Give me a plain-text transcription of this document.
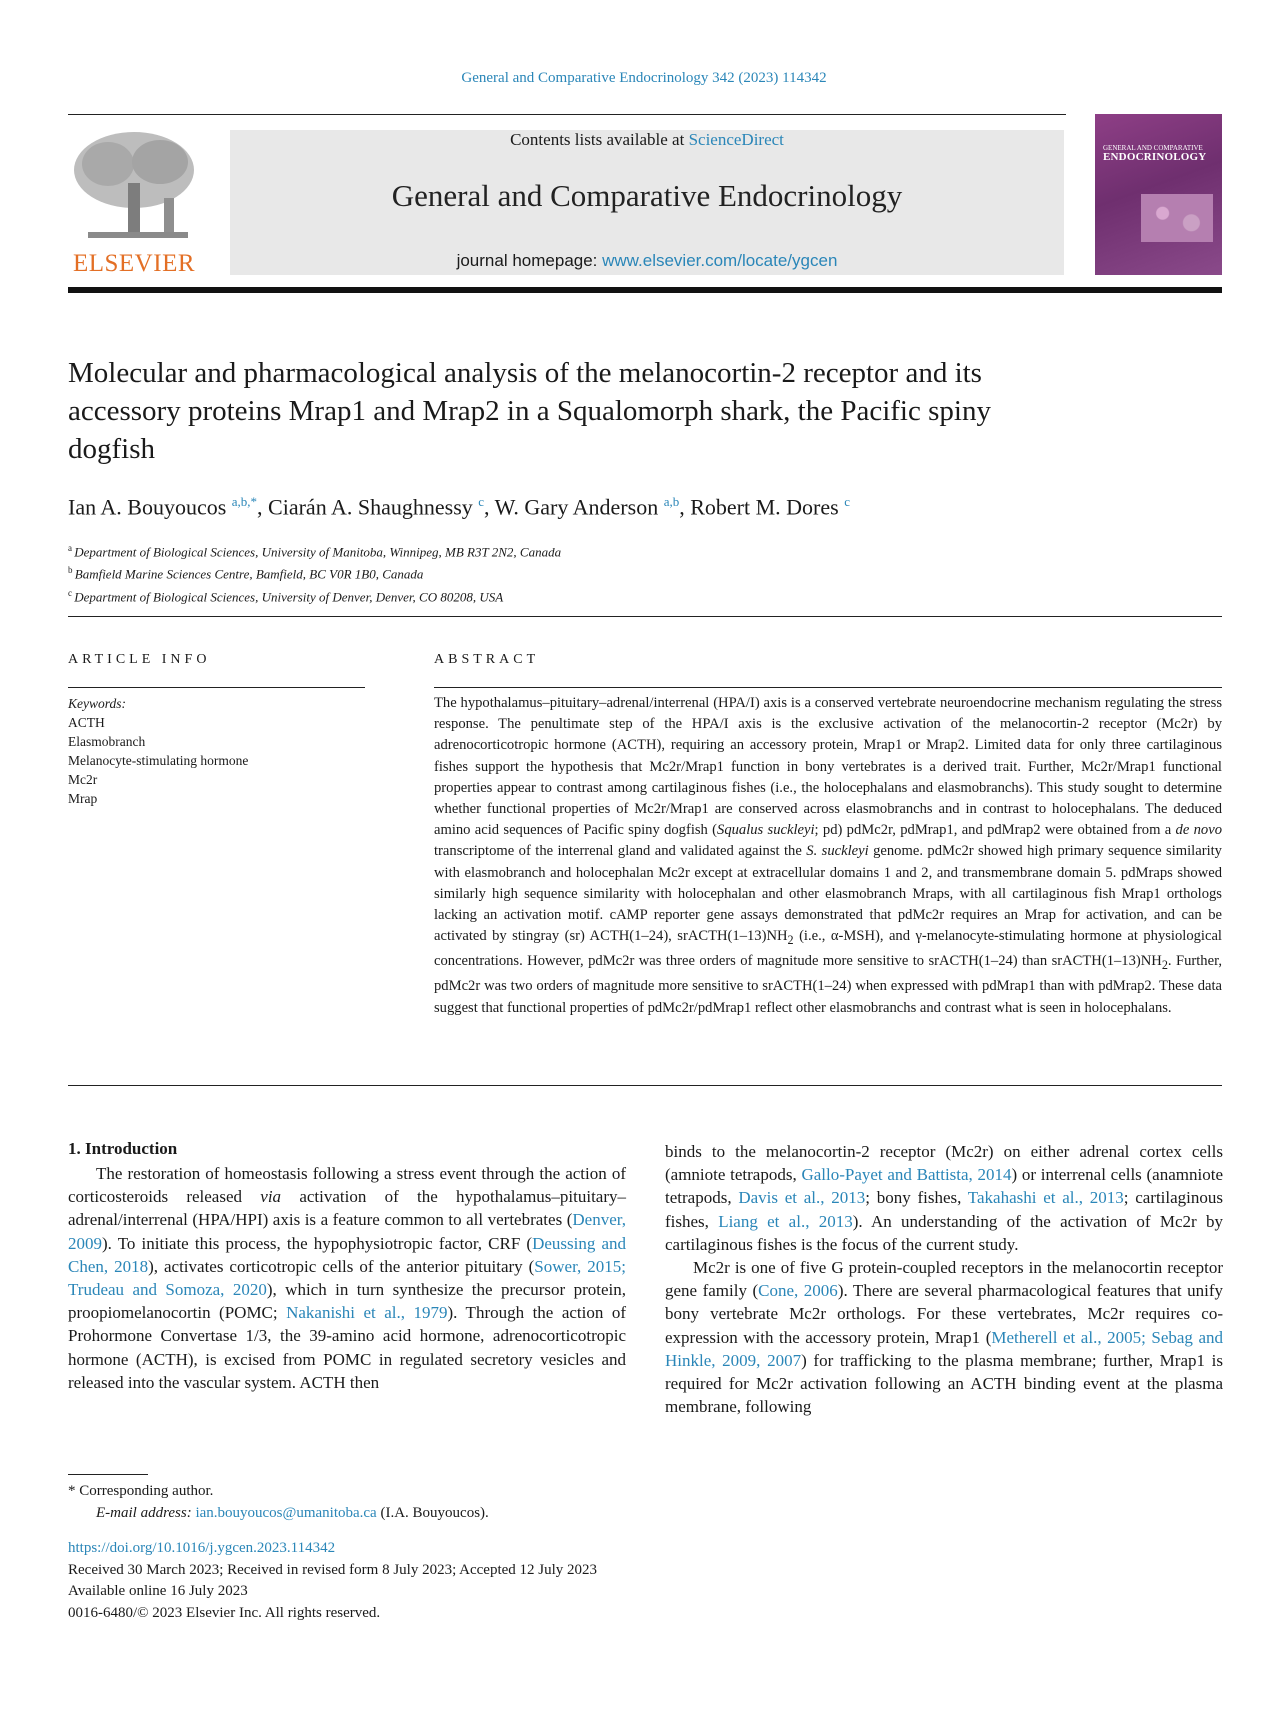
General and Comparative Endocrinology 342 (2023) 114342
ELSEVIER
Contents lists available at ScienceDirect
General and Comparative Endocrinology
journal homepage: www.elsevier.com/locate/ygcen
GENERAL AND COMPARATIVE
ENDOCRINOLOGY
Molecular and pharmacological analysis of the melanocortin-2 receptor and its accessory proteins Mrap1 and Mrap2 in a Squalomorph shark, the Pacific spiny dogfish
Ian A. Bouyoucos $^{a,b,*}$, Ciarán A. Shaughnessy $^c$, W. Gary Anderson $^{a,b}$, Robert M. Dores $^c$
$^a$ Department of Biological Sciences, University of Manitoba, Winnipeg, MB R3T 2N2, Canada
$^b$ Bamfield Marine Sciences Centre, Bamfield, BC V0R 1B0, Canada
$^c$ Department of Biological Sciences, University of Denver, Denver, CO 80208, USA
ARTICLE INFO	ABSTRACT
Keywords:
ACTH
Elasmobranch
Melanocyte-stimulating hormone
Mc2r
Mrap
The hypothalamus–pituitary–adrenal/interrenal (HPA/I) axis is a conserved vertebrate neuroendocrine mechanism regulating the stress response. The penultimate step of the HPA/I axis is the exclusive activation of the melanocortin-2 receptor (Mc2r) by adrenocorticotropic hormone (ACTH), requiring an accessory protein, Mrap1 or Mrap2. Limited data for only three cartilaginous fishes support the hypothesis that Mc2r/Mrap1 function in bony vertebrates is a derived trait. Further, Mc2r/Mrap1 functional properties appear to contrast among cartilaginous fishes (i.e., the holocephalans and elasmobranchs). This study sought to determine whether functional properties of Mc2r/Mrap1 are conserved across elasmobranchs and in contrast to holocephalans. The deduced amino acid sequences of Pacific spiny dogfish (Squalus suckleyi; pd) pdMc2r, pdMrap1, and pdMrap2 were obtained from a de novo transcriptome of the interrenal gland and validated against the S. suckleyi genome. pdMc2r showed high primary sequence similarity with elasmobranch and holocephalan Mc2r except at extracellular domains 1 and 2, and transmembrane domain 5. pdMraps showed similarly high sequence similarity with holocephalan and other elasmobranch Mraps, with all cartilaginous fish Mrap1 orthologs lacking an activation motif. cAMP reporter gene assays demonstrated that pdMc2r requires an Mrap for activation, and can be activated by stingray (sr) ACTH(1–24), $srACTH(1-13)NH_2$ (i.e., α-MSH), and γ-melanocyte-stimulating hormone at physiological concentrations. However, pdMc2r was three orders of magnitude more sensitive to srACTH(1–24) than $srACTH(1-13)NH_2$. Further, pdMc2r was two orders of magnitude more sensitive to srACTH(1–24) when expressed with pdMrap1 than with pdMrap2. These data suggest that functional properties of pdMc2r/pdMrap1 reflect other elasmobranchs and contrast what is seen in holocephalans.
1. Introduction

The restoration of homeostasis following a stress event through the action of corticosteroids released via activation of the hypothalamus–pituitary–adrenal/interrenal (HPA/HPI) axis is a feature common to all vertebrates (Denver, 2009). To initiate this process, the hypophysiotropic factor, CRF (Deussing and Chen, 2018), activates corticotropic cells of the anterior pituitary (Sower, 2015; Trudeau and Somoza, 2020), which in turn synthesize the precursor protein, proopiomelanocortin (POMC; Nakanishi et al., 1979). Through the action of Prohormone Convertase 1/3, the 39-amino acid hormone, adrenocorticotropic hormone (ACTH), is excised from POMC in regulated secretory vesicles and released into the vascular system. ACTH then

binds to the melanocortin-2 receptor (Mc2r) on either adrenal cortex cells (amniote tetrapods, Gallo-Payet and Battista, 2014) or interrenal cells (anamniote tetrapods, Davis et al., 2013; bony fishes, Takahashi et al., 2013; cartilaginous fishes, Liang et al., 2013). An understanding of the activation of Mc2r by cartilaginous fishes is the focus of the current study.

Mc2r is one of five G protein-coupled receptors in the melanocortin receptor gene family (Cone, 2006). There are several pharmacological features that unify bony vertebrate Mc2r orthologs. For these vertebrates, Mc2r requires co-expression with the accessory protein, Mrap1 (Metherell et al., 2005; Sebag and Hinkle, 2009, 2007) for trafficking to the plasma membrane; further, Mrap1 is required for Mc2r activation following an ACTH binding event at the plasma membrane, following

* Corresponding author.
E-mail address: ian.bouyoucos@umanitoba.ca (I.A. Bouyoucos).
https://doi.org/10.1016/j.ygcen.2023.114342
Received 30 March 2023; Received in revised form 8 July 2023; Accepted 12 July 2023
Available online 16 July 2023
0016-6480/© 2023 Elsevier Inc. All rights reserved.
